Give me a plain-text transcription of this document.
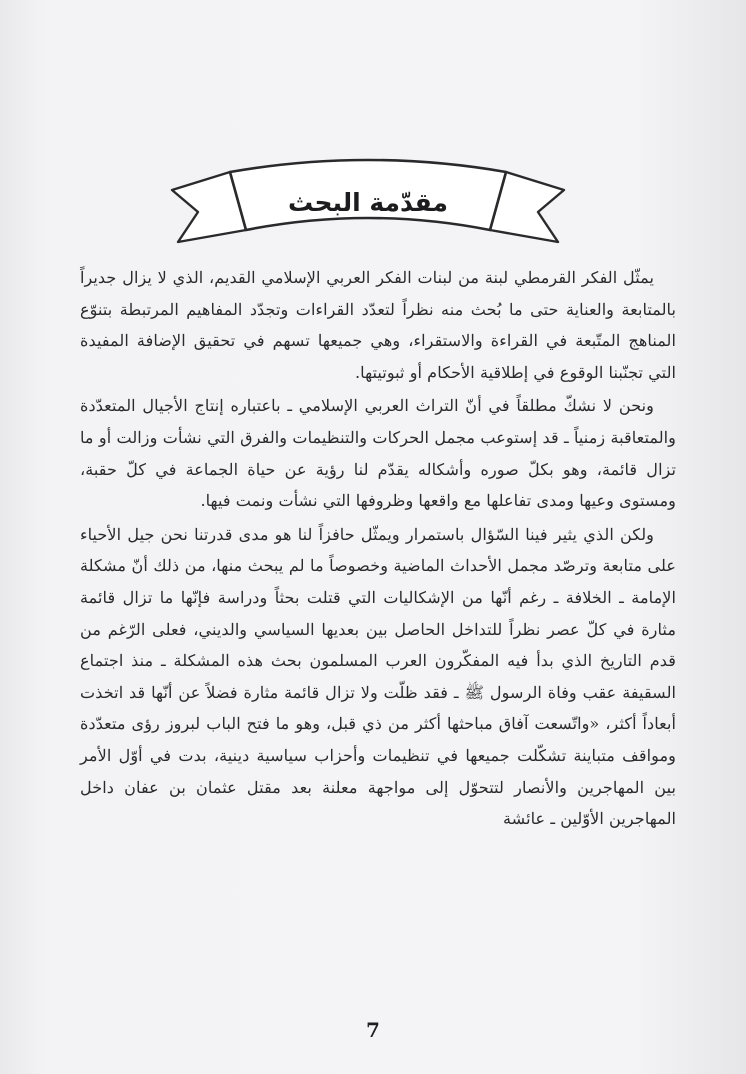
مقدّمة البحث

يمثّل الفكر القرمطي لبنة من لبنات الفكر العربي الإسلامي القديم، الذي لا يزال جديراً بالمتابعة والعناية حتى ما بُحث منه نظراً لتعدّد القراءات وتجدّد المفاهيم المرتبطة بتنوّع المناهج المتّبعة في القراءة والاستقراء، وهي جميعها تسهم في تحقيق الإضافة المفيدة التي تجنّبنا الوقوع في إطلاقية الأحكام أو ثبوتيتها.

ونحن لا نشكّ مطلقاً في أنّ التراث العربي الإسلامي ـ باعتباره إنتاج الأجيال المتعدّدة والمتعاقبة زمنياً ـ قد إستوعب مجمل الحركات والتنظيمات والفرق التي نشأت وزالت أو ما تزال قائمة، وهو بكلّ صوره وأشكاله يقدّم لنا رؤية عن حياة الجماعة في كلّ حقبة، ومستوى وعيها ومدى تفاعلها مع واقعها وظروفها التي نشأت ونمت فيها.

ولكن الذي يثير فينا السّؤال باستمرار ويمثّل حافزاً لنا هو مدى قدرتنا نحن جيل الأحياء على متابعة وترصّد مجمل الأحداث الماضية وخصوصاً ما لم يبحث منها، من ذلك أنّ مشكلة الإمامة ـ الخلافة ـ رغم أنّها من الإشكاليات التي قتلت بحثاً ودراسة فإنّها ما تزال قائمة مثارة في كلّ عصر نظراً للتداخل الحاصل بين بعديها السياسي والديني، فعلى الرّغم من قدم التاريخ الذي بدأ فيه المفكّرون العرب المسلمون بحث هذه المشكلة ـ منذ اجتماع السقيفة عقب وفاة الرسول ﷺ ـ فقد ظلّت ولا تزال قائمة مثارة فضلاً عن أنّها قد اتخذت أبعاداً أكثر، «واتّسعت آفاق مباحثها أكثر من ذي قبل، وهو ما فتح الباب لبروز رؤى متعدّدة ومواقف متباينة تشكّلت جميعها في تنظيمات وأحزاب سياسية دينية، بدت في أوّل الأمر بين المهاجرين والأنصار لتتحوّل إلى مواجهة معلنة بعد مقتل عثمان بن عفان داخل المهاجرين الأوّلين ـ عائشة

7
